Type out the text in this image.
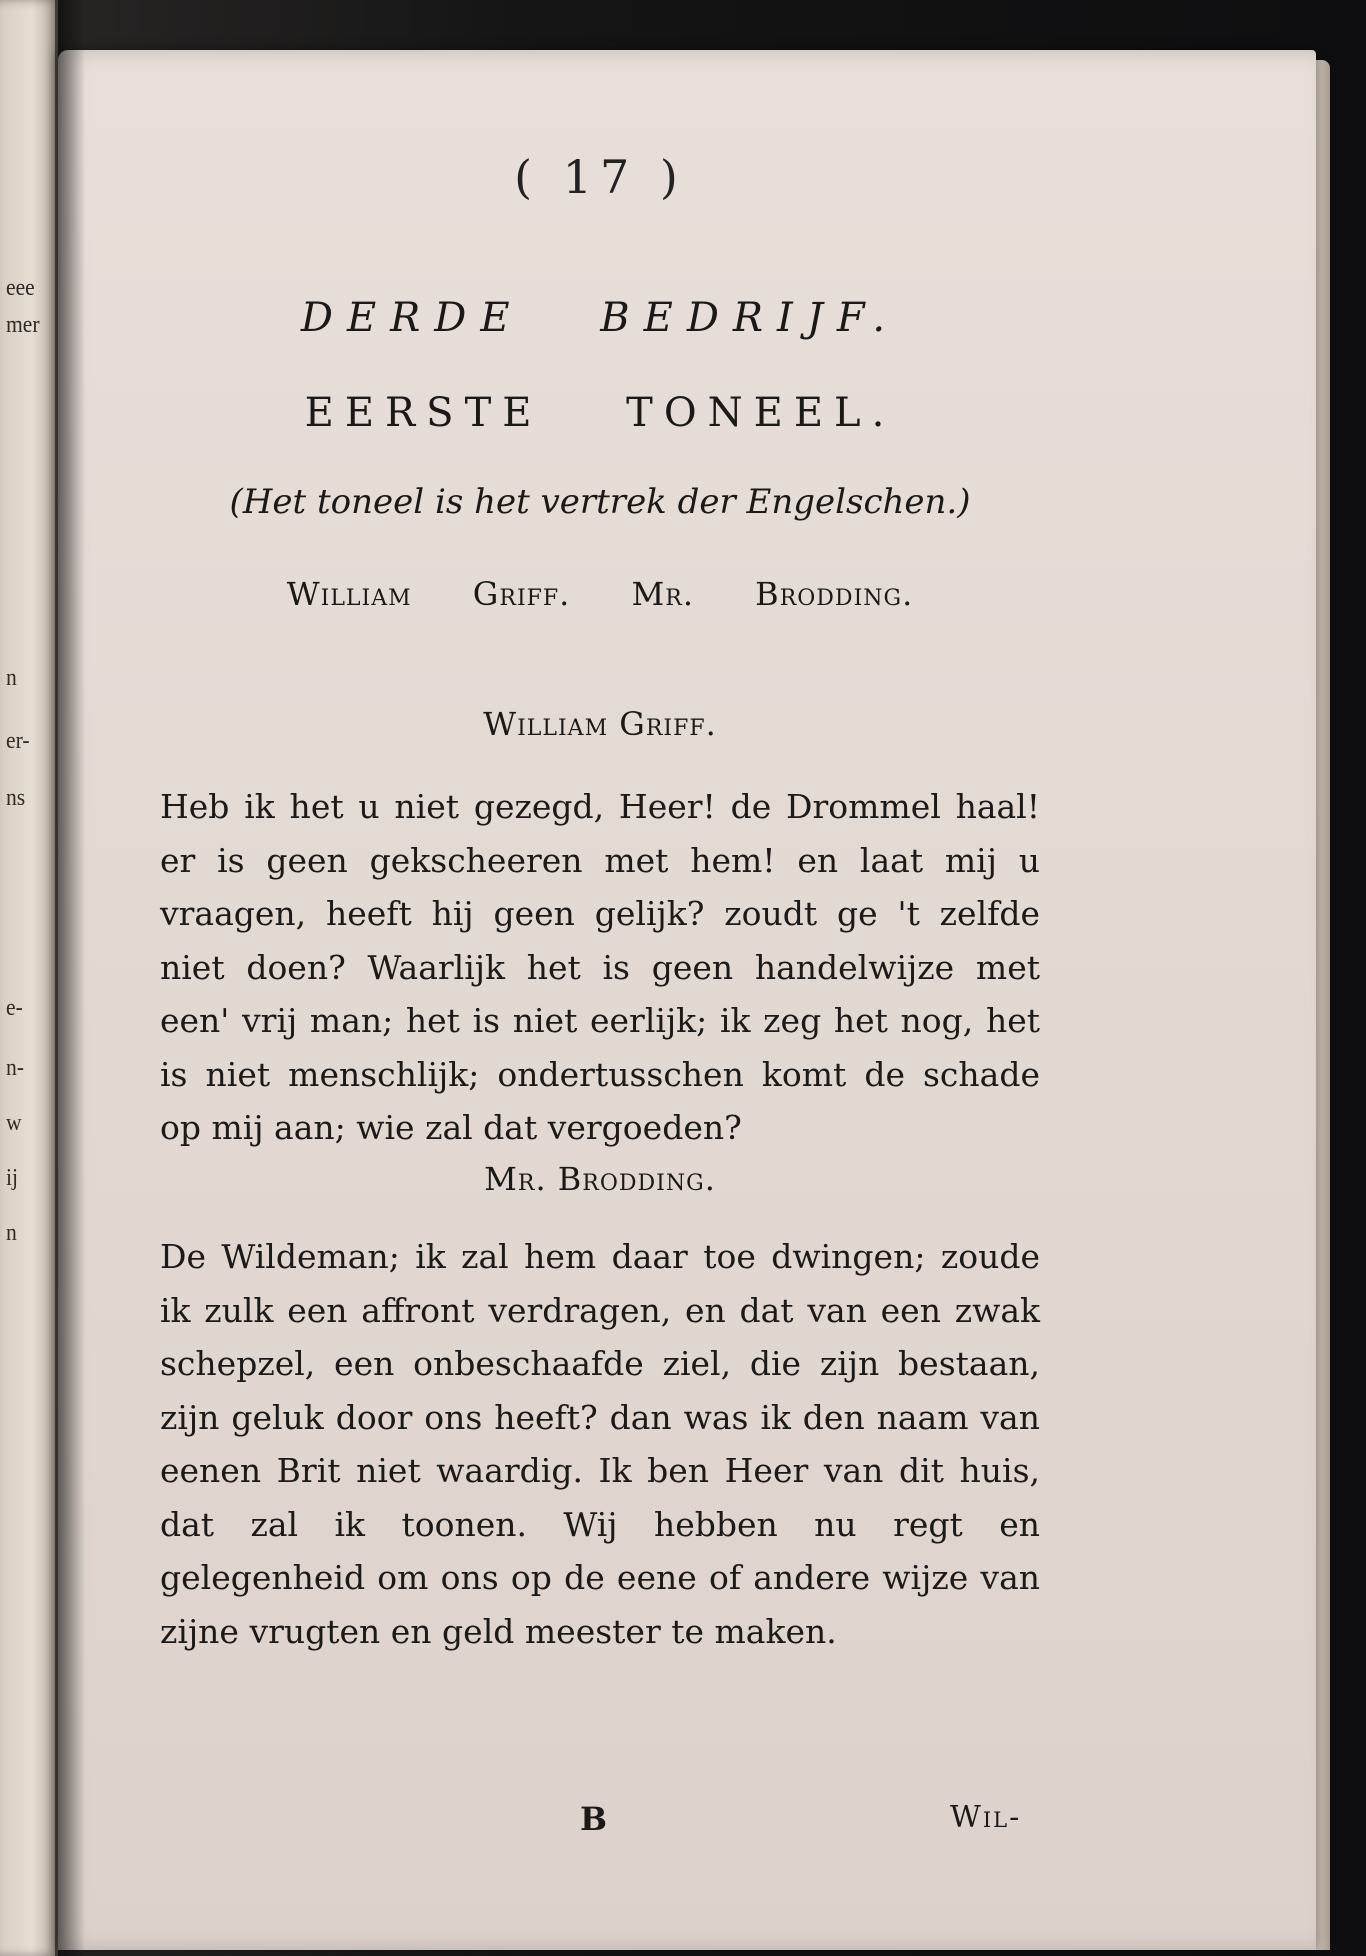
eee
mer
n
er-
ns
e-
n-
w
ij
n
( 17 )
DERDE BEDRIJF.
EERSTE TONEEL.
(Het toneel is het vertrek der Engelschen.)
William Griff. Mr. Brodding.
William Griff.
Heb ik het u niet gezegd, Heer! de Drommel haal! er is geen gekscheeren met hem! en laat mij u vraagen, heeft hij geen gelijk? zoudt ge 't zelfde niet doen? Waarlijk het is geen handelwijze met een' vrij man; het is niet eerlijk; ik zeg het nog, het is niet menschlijk; ondertusschen komt de schade op mij aan; wie zal dat vergoeden?
Mr. Brodding.
De Wildeman; ik zal hem daar toe dwingen; zoude ik zulk een affront verdragen, en dat van een zwak schepzel, een onbeschaafde ziel, die zijn bestaan, zijn geluk door ons heeft? dan was ik den naam van eenen Brit niet waardig. Ik ben Heer van dit huis, dat zal ik toonen. Wij hebben nu regt en gelegenheid om ons op de eene of andere wijze van zijne vrugten en geld meester te maken.
B	Wil-
